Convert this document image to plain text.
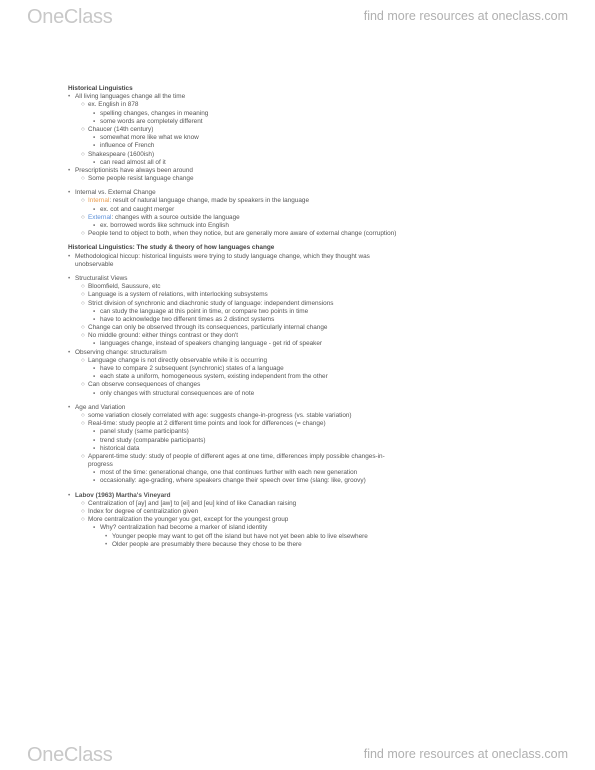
OneClass	find more resources at oneclass.com
Historical Linguistics
• All living languages change all the time
○ ex. English in 878
▪ spelling changes, changes in meaning
▪ some words are completely different
○ Chaucer (14th century)
▪ somewhat more like what we know
▪ influence of French
○ Shakespeare (1600ish)
▪ can read almost all of it
• Prescriptionists have always been around
○ Some people resist language change
• Internal vs. External Change
○ Internal: result of natural language change, made by speakers in the language
▪ ex. cot and caught merger
○ External: changes with a source outside the language
▪ ex. borrowed words like schmuck into English
○ People tend to object to both, when they notice, but are generally more aware of external change (corruption)
Historical Linguistics: The study & theory of how languages change
• Methodological hiccup: historical linguists were trying to study language change, which they thought was
unobservable
• Structuralist Views
○ Bloomfield, Saussure, etc
○ Language is a system of relations, with interlocking subsystems
○ Strict division of synchronic and diachronic study of language: independent dimensions
▪ can study the language at this point in time, or compare two points in time
▪ have to acknowledge two different times as 2 distinct systems
○ Change can only be observed through its consequences, particularly internal change
○ No middle ground: either things contrast or they don't
▪ languages change, instead of speakers changing language - get rid of speaker
• Observing change: structuralism
○ Language change is not directly observable while it is occurring
▪ have to compare 2 subsequent (synchronic) states of a language
▪ each state a uniform, homogeneous system, existing independent from the other
○ Can observe consequences of changes
▪ only changes with structural consequences are of note
• Age and Variation
○ some variation closely correlated with age: suggests change-in-progress (vs. stable variation)
○ Real-time: study people at 2 different time points and look for differences (= change)
▪ panel study (same participants)
▪ trend study (comparable participants)
▪ historical data
○ Apparent-time study: study of people of different ages at one time, differences imply possible changes-in-
progress
▪ most of the time: generational change, one that continues further with each new generation
▪ occasionally: age-grading, where speakers change their speech over time (slang: like, groovy)
• Labov (1963) Martha's Vineyard
○ Centralization of [ay] and [aw] to [ei] and [eu] kind of like Canadian raising
○ Index for degree of centralization given
○ More centralization the younger you get, except for the youngest group
▪ Why? centralization had become a marker of island identity
• Younger people may want to get off the island but have not yet been able to live elsewhere
• Older people are presumably there because they chose to be there
OneClass	find more resources at oneclass.com
